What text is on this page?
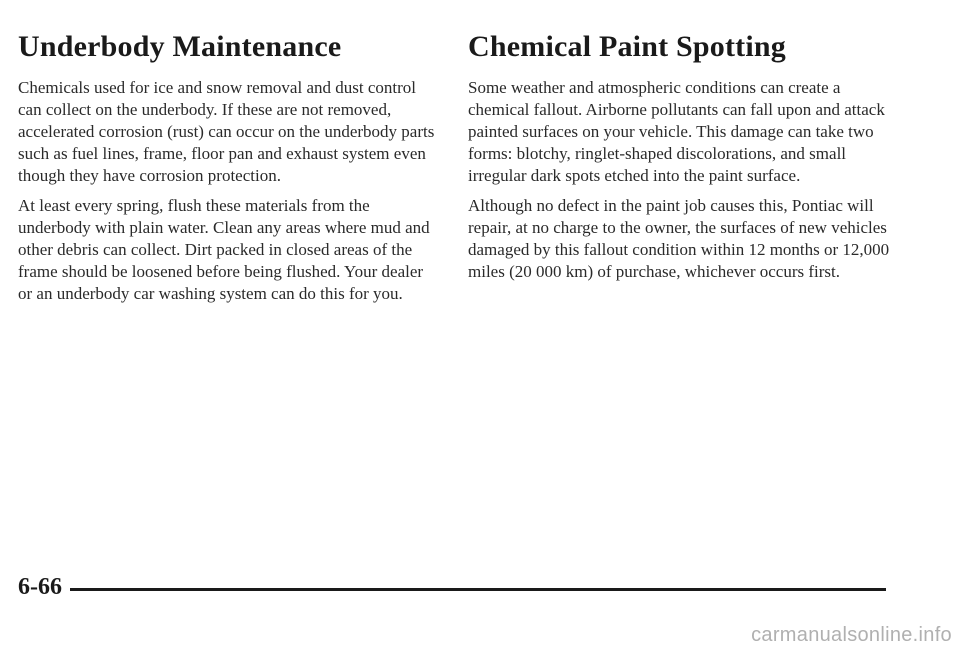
Underbody Maintenance

Chemicals used for ice and snow removal and dust control can collect on the underbody. If these are not removed, accelerated corrosion (rust) can occur on the underbody parts such as fuel lines, frame, floor pan and exhaust system even though they have corrosion protection.

At least every spring, flush these materials from the underbody with plain water. Clean any areas where mud and other debris can collect. Dirt packed in closed areas of the frame should be loosened before being flushed. Your dealer or an underbody car washing system can do this for you.

Chemical Paint Spotting

Some weather and atmospheric conditions can create a chemical fallout. Airborne pollutants can fall upon and attack painted surfaces on your vehicle. This damage can take two forms: blotchy, ringlet-shaped discolorations, and small irregular dark spots etched into the paint surface.

Although no defect in the paint job causes this, Pontiac will repair, at no charge to the owner, the surfaces of new vehicles damaged by this fallout condition within 12 months or 12,000 miles (20 000 km) of purchase, whichever occurs first.

6-66
carmanualsonline.info
